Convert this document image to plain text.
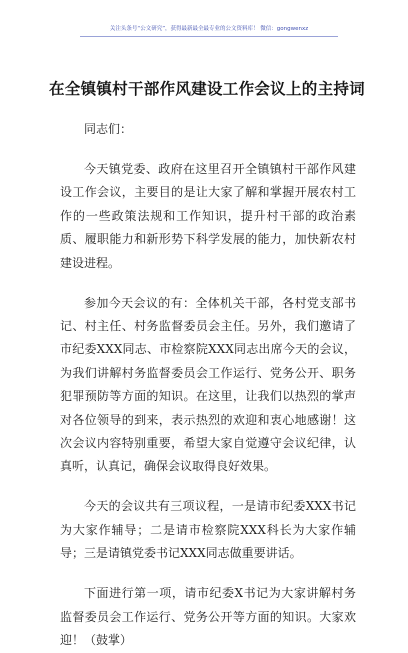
关注头条号“公文研究”，获得最新最全最专业的公文资料库！ 微信：gongwenxz
在全镇镇村干部作风建设工作会议上的主持词

同志们：

今天镇党委、政府在这里召开全镇镇村干部作风建设工作会议，主要目的是让大家了解和掌握开展农村工作的一些政策法规和工作知识，提升村干部的政治素质、履职能力和新形势下科学发展的能力，加快新农村建设进程。

参加今天会议的有：全体机关干部，各村党支部书记、村主任、村务监督委员会主任。另外，我们邀请了市纪委XXX同志、市检察院XXX同志出席今天的会议，为我们讲解村务监督委员会工作运行、党务公开、职务犯罪预防等方面的知识。在这里，让我们以热烈的掌声对各位领导的到来，表示热烈的欢迎和衷心地感谢！这次会议内容特别重要，希望大家自觉遵守会议纪律，认真听，认真记，确保会议取得良好效果。

今天的会议共有三项议程，一是请市纪委XXX书记为大家作辅导；二是请市检察院XXX科长为大家作辅导；三是请镇党委书记XXX同志做重要讲话。

下面进行第一项，请市纪委X书记为大家讲解村务监督委员会工作运行、党务公开等方面的知识。大家欢迎！（鼓掌）
